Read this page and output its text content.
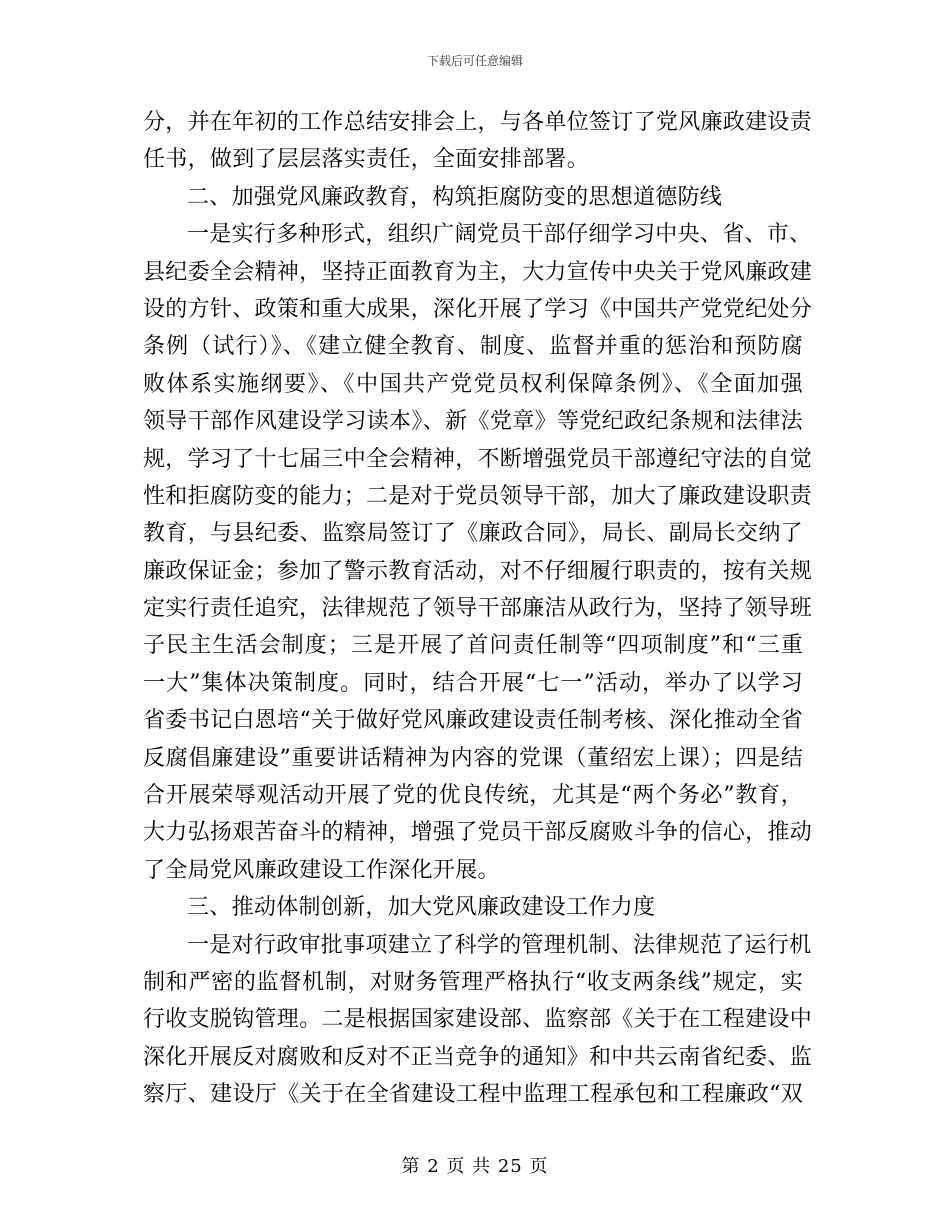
下载后可任意编辑
分，并在年初的工作总结安排会上，与各单位签订了党风廉政建设责
任书，做到了层层落实责任，全面安排部署。
二、加强党风廉政教育，构筑拒腐防变的思想道德防线
一是实行多种形式，组织广阔党员干部仔细学习中央、省、市、
县纪委全会精神，坚持正面教育为主，大力宣传中央关于党风廉政建
设的方针、政策和重大成果，深化开展了学习《中国共产党党纪处分
条例（试行）》、《建立健全教育、制度、监督并重的惩治和预防腐
败体系实施纲要》、《中国共产党党员权利保障条例》、《全面加强
领导干部作风建设学习读本》、新《党章》等党纪政纪条规和法律法
规，学习了十七届三中全会精神，不断增强党员干部遵纪守法的自觉
性和拒腐防变的能力；二是对于党员领导干部，加大了廉政建设职责
教育，与县纪委、监察局签订了《廉政合同》，局长、副局长交纳了
廉政保证金；参加了警示教育活动，对不仔细履行职责的，按有关规
定实行责任追究，法律规范了领导干部廉洁从政行为，坚持了领导班
子民主生活会制度；三是开展了首问责任制等“四项制度”和“三重
一大”集体决策制度。同时，结合开展“七一”活动，举办了以学习
省委书记白恩培“关于做好党风廉政建设责任制考核、深化推动全省
反腐倡廉建设”重要讲话精神为内容的党课（董绍宏上课）；四是结
合开展荣辱观活动开展了党的优良传统，尤其是“两个务必”教育，
大力弘扬艰苦奋斗的精神，增强了党员干部反腐败斗争的信心，推动
了全局党风廉政建设工作深化开展。
三、推动体制创新，加大党风廉政建设工作力度
一是对行政审批事项建立了科学的管理机制、法律规范了运行机
制和严密的监督机制，对财务管理严格执行“收支两条线”规定，实
行收支脱钩管理。二是根据国家建设部、监察部《关于在工程建设中
深化开展反对腐败和反对不正当竞争的通知》和中共云南省纪委、监
察厅、建设厅《关于在全省建设工程中监理工程承包和工程廉政“双
第 2 页 共 25 页
